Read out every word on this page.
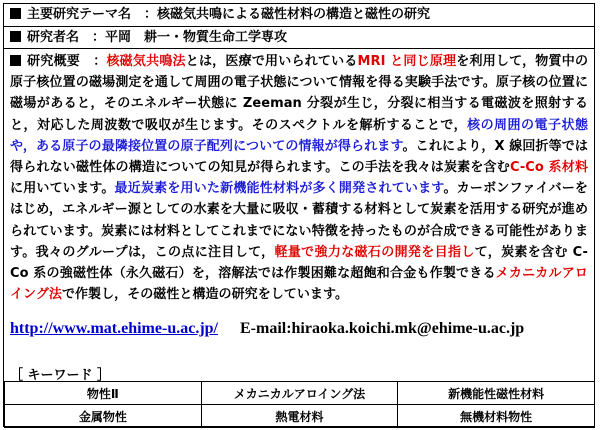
主要研究テーマ名　：核磁気共鳴による磁性材料の構造と磁性の研究
研究者名　：平岡　耕一・物質生命工学専攻
研究概要　：核磁気共鳴法とは，医療で用いられているMRI と同じ原理を利用して，物質中の原子核位置の磁場測定を通して周囲の電子状態について情報を得る実験手法です。原子核の位置に磁場があると，そのエネルギー状態に Zeeman 分裂が生じ，分裂に相当する電磁波を照射すると，対応した周波数で吸収が生じます。そのスペクトルを解析することで，核の周囲の電子状態や，ある原子の最隣接位置の原子配列についての情報が得られます。これにより，X 線回折等では得られない磁性体の構造についての知見が得られます。この手法を我々は炭素を含むC-Co 系材料に用いています。最近炭素を用いた新機能性材料が多く開発されています。カーボンファイバーをはじめ，エネルギー源としての水素を大量に吸収・蓄積する材料として炭素を活用する研究が進められています。炭素には材料としてこれまでにない特徴を持ったものが合成できる可能性があります。我々のグループは，この点に注目して，軽量で強力な磁石の開発を目指して，炭素を含む C-Co 系の強磁性体（永久磁石）を，溶解法では作製困難な超飽和合金も作製できるメカニカルアロイング法で作製し，その磁性と構造の研究をしています。
http://www.mat.ehime-u.ac.jp/ E-mail:hiraoka.koichi.mk@ehime-u.ac.jp
［ キーワード ］
物性Ⅱ	メカニカルアロイング法	新機能性磁性材料
金属物性	熱電材料	無機材料物性
